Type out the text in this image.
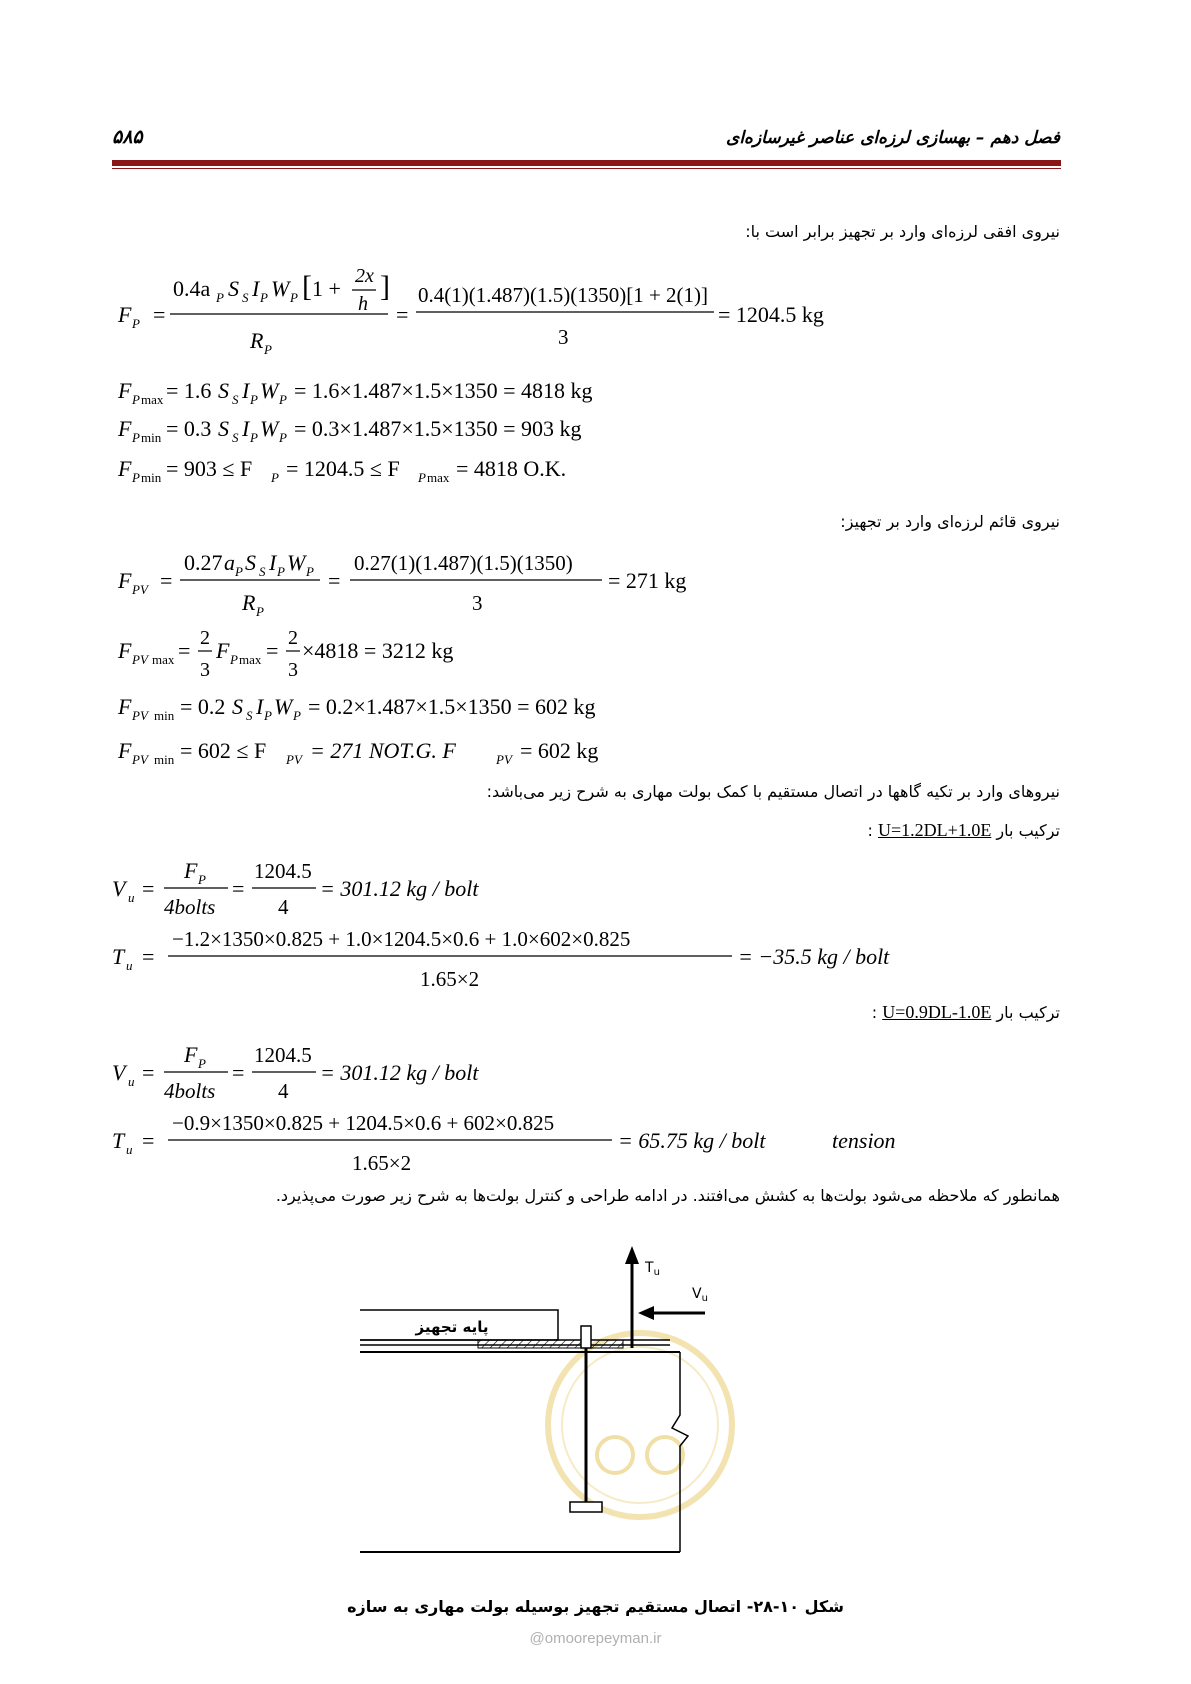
فصل دهم – بهسازی لرزه‌ای عناصر غیرسازه‌ای
۵۸۵
نیروی افقی لرزه‌ای وارد بر تجهیز برابر است با:
F P =
0.4a P S S I P W P [ 1 + 2x
h
]
R P
=
0.4(1)(1.487)(1.5)(1350)[1 + 2(1)]
3
= 1204.5 kg
F P max = 1.6 S S I P W P = 1.6×1.487×1.5×1350 = 4818 kg
F P min = 0.3 S S I P W P = 0.3×1.487×1.5×1350 = 903 kg
F P min = 903 ≤ F P = 1204.5 ≤ F P max = 4818 O.K.
نیروی قائم لرزه‌ای وارد بر تجهیز:
F PV =
0.27 a P S S I P W P
R P
=
0.27(1)(1.487)(1.5)(1350)
3
= 271 kg
F PV max = 2
3
F P max = 2
3
×4818 = 3212 kg
F PV min = 0.2 S S I P W P = 0.2×1.487×1.5×1350 = 602 kg
F PV min = 602 ≤ F PV = 271 NOT.G. F	PV = 602 kg
نیروهای وارد بر تکیه گاهها در اتصال مستقیم با کمک بولت مهاری به شرح زیر می‌باشد:
ترکیب بار U=1.2DL+1.0E :
V u =
F P
4bolts
=
1204.5
4
= 301.12 kg / bolt
T u =
−1.2×1350×0.825 + 1.0×1204.5×0.6 + 1.0×602×0.825
1.65×2
= −35.5 kg / bolt
ترکیب بار U=0.9DL-1.0E :
V u =
F P
4bolts
=
1204.5
4
= 301.12 kg / bolt
T u =
−0.9×1350×0.825 + 1204.5×0.6 + 602×0.825
1.65×2
= 65.75 kg / bolt	tension
همانطور که ملاحظه می‌شود بولت‌ها به کشش می‌افتند. در ادامه طراحی و کنترل بولت‌ها به شرح زیر صورت می‌پذیرد.
$T_u$
$V_u$
پایه تجهیز
شکل ۱۰-۲۸- اتصال مستقیم تجهیز بوسیله بولت مهاری به سازه
@omoorepeyman.ir
